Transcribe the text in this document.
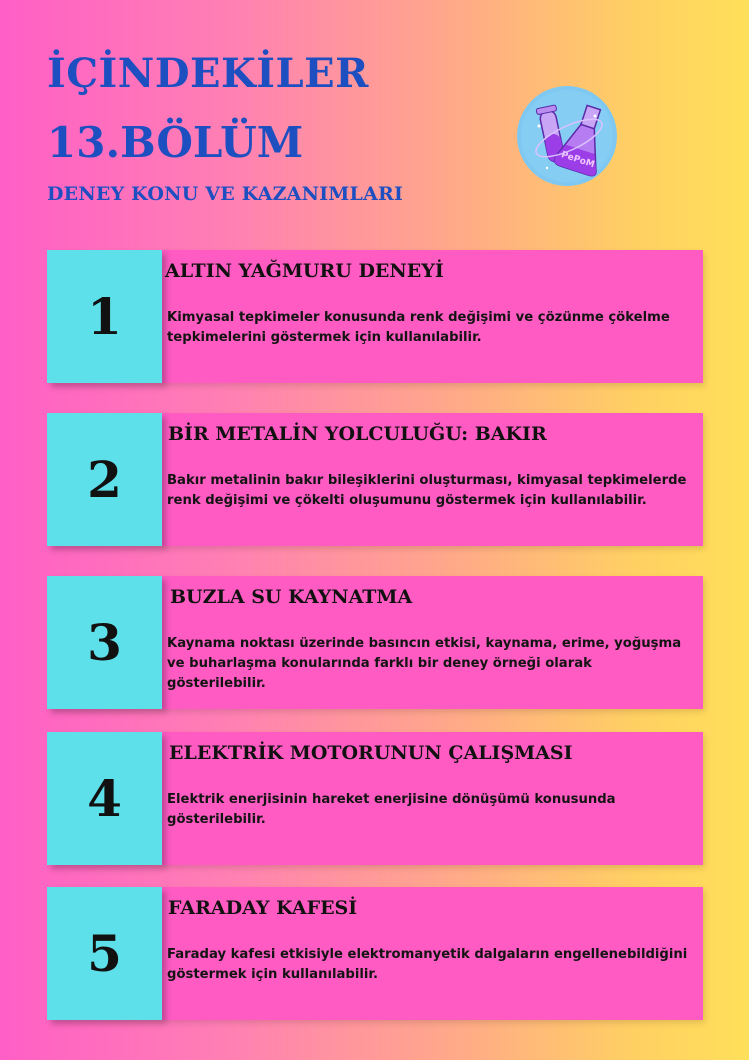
İÇİNDEKİLER
13.BÖLÜM
DENEY KONU VE KAZANIMLARI
PePoM
1

ALTIN YAĞMURU DENEYİ

Kimyasal tepkimeler konusunda renk değişimi ve çözünme çökelme tepkimelerini göstermek için kullanılabilir.

2

BİR METALİN YOLCULUĞU: BAKIR

Bakır metalinin bakır bileşiklerini oluşturması, kimyasal tepkimelerde renk değişimi ve çökelti oluşumunu göstermek için kullanılabilir.

3

BUZLA SU KAYNATMA

Kaynama noktası üzerinde basıncın etkisi, kaynama, erime, yoğuşma ve buharlaşma konularında farklı bir deney örneği olarak gösterilebilir.

4

ELEKTRİK MOTORUNUN ÇALIŞMASI

Elektrik enerjisinin hareket enerjisine dönüşümü konusunda gösterilebilir.

5

FARADAY KAFESİ

Faraday kafesi etkisiyle elektromanyetik dalgaların engellenebildiğini göstermek için kullanılabilir.
